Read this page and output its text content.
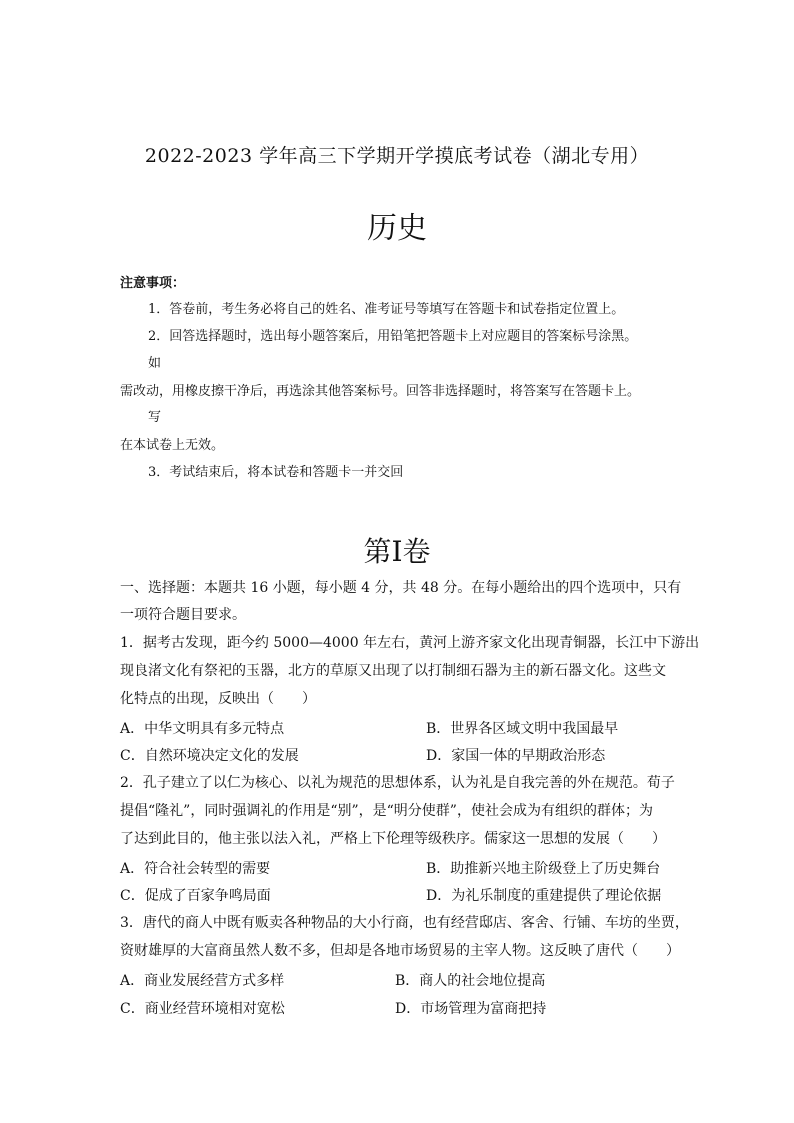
2022-2023 学年高三下学期开学摸底考试卷（湖北专用）
历史
注意事项：
1．答卷前，考生务必将自己的姓名、准考证号等填写在答题卡和试卷指定位置上。
2．回答选择题时，选出每小题答案后，用铅笔把答题卡上对应题目的答案标号涂黑。
如
需改动，用橡皮擦干净后，再选涂其他答案标号。回答非选择题时，将答案写在答题卡上。
写
在本试卷上无效。
3．考试结束后，将本试卷和答题卡一并交回
第Ⅰ卷
一、选择题：本题共 16 小题，每小题 4 分，共 48 分。在每小题给出的四个选项中，只有
一项符合题目要求。
1．据考古发现，距今约 5000—4000 年左右，黄河上游齐家文化出现青铜器，长江中下游出
现良渚文化有祭祀的玉器，北方的草原又出现了以打制细石器为主的新石器文化。这些文
化特点的出现，反映出（　　）
A．中华文明具有多元特点	B．世界各区域文明中我国最早
C．自然环境决定文化的发展	D．家国一体的早期政治形态
2．孔子建立了以仁为核心、以礼为规范的思想体系，认为礼是自我完善的外在规范。荀子
提倡“隆礼”，同时强调礼的作用是“别”，是“明分使群”，使社会成为有组织的群体；为
了达到此目的，他主张以法入礼，严格上下伦理等级秩序。儒家这一思想的发展（　　）
A．符合社会转型的需要	B．助推新兴地主阶级登上了历史舞台
C．促成了百家争鸣局面	D．为礼乐制度的重建提供了理论依据
3．唐代的商人中既有贩卖各种物品的大小行商，也有经营邸店、客舍、行铺、车坊的坐贾，
资财雄厚的大富商虽然人数不多，但却是各地市场贸易的主宰人物。这反映了唐代（　　）
A．商业发展经营方式多样	B．商人的社会地位提高
C．商业经营环境相对宽松	D．市场管理为富商把持
